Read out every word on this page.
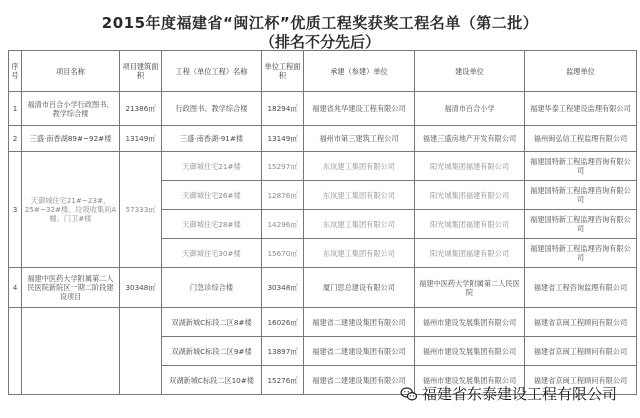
2015年度福建省“闽江杯”优质工程奖获奖工程名单（第二批）
（排名不分先后）
序号	项目名称	项目建筑面积	工程（单位工程）名称	单位工程面积	承建（参建）单位	建设单位	监理单位
1	福清市百合小学行政图书、教学综合楼	21386㎡	行政图书、教学综合楼	18294㎡	福建省兆华建设工程有限公司	福清市百合小学	福建华泰工程建设监理有限公司
2	三盛·南香湖89#~92#楼	13149㎡	三盛·南香湖-91#楼	13149㎡	福州市第三建筑工程公司	福建三盛房地产开发有限公司	福州闽弘信工程监理有限公司
3	天御城住宅21#~23#、25#~32#楼、垃圾收集间A幢、门卫#楼	57333㎡	天御城住宅21#楼	15297㎡	东岚建工集团有限公司	阳光城集团福建有限公司	福建国特新工程监理咨询有限公司
			天御城住宅26#楼	12876㎡	东岚建工集团有限公司	阳光城集团福建有限公司	福建国特新工程监理咨询有限公司
			天御城住宅28#楼	14296㎡	东岚建工集团有限公司	阳光城集团福建有限公司	福建国特新工程监理咨询有限公司
			天御城住宅30#楼	15670㎡	东岚建工集团有限公司	阳光城集团福建有限公司	福建国特新工程监理咨询有限公司
4	福建中医药大学附属第二人民医院新院区一期二阶段建设项目	30348㎡	门急诊综合楼	30348㎡	厦门思总建设有限公司	福建中医药大学附属第二人民医院	福建省工程咨询监理有限公司
			双湖新城C标段二区8#楼	16026㎡	福建省二建建设集团有限公司	福州市建设发展集团有限公司	福建省京闽工程顾问有限公司
			双湖新城C标段二区9#楼	13897㎡	福建省二建建设集团有限公司	福州市建设发展集团有限公司	福建省京闽工程顾问有限公司
			双湖新城C标段二区10#楼	15276㎡	福建省二建建设集团有限公司	福州市建设发展集团有限公司	福建省京闽工程顾问有限公司
福建省东泰建设工程有限公司
